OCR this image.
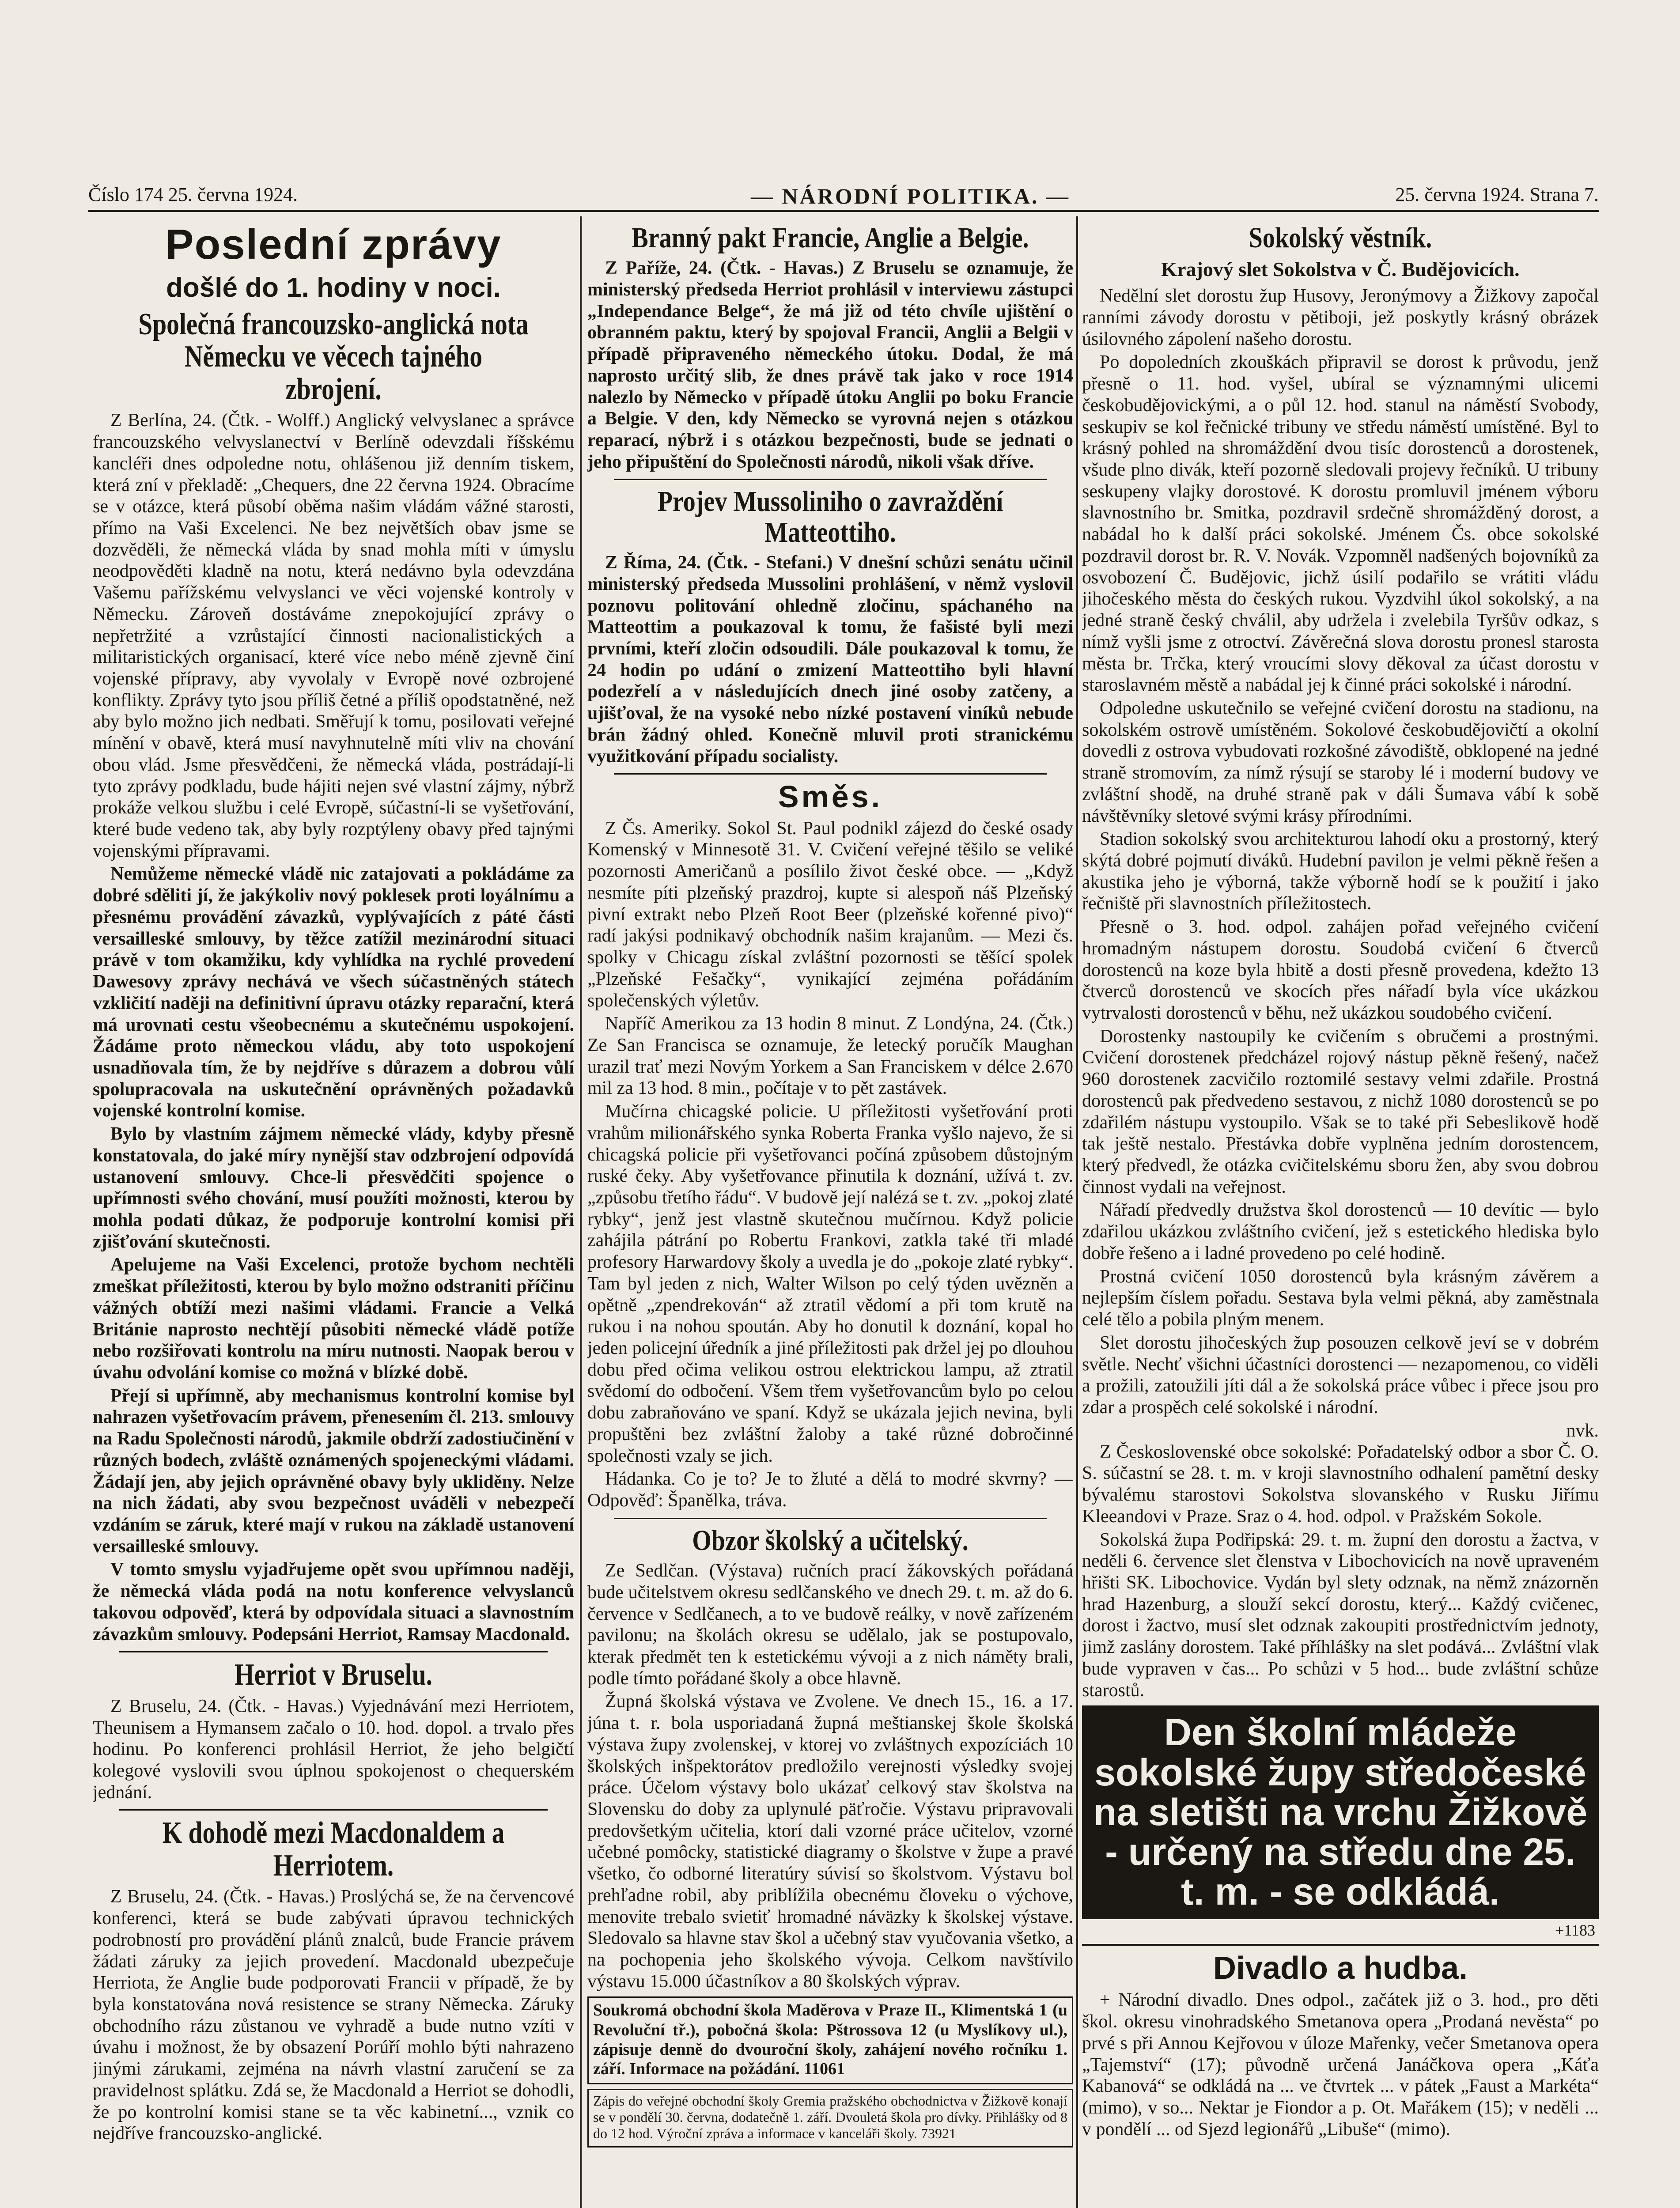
Číslo 174 25. června 1924.	— NÁRODNÍ POLITIKA. —	25. června 1924. Strana 7.
Poslední zprávy
došlé do 1. hodiny v noci.
Společná francouzsko-anglická nota Německu ve věcech tajného zbrojení.

Z Berlína, 24. (Čtk. - Wolff.) Anglický velvyslanec a správce francouzského velvyslanectví v Berlíně odevzdali říšskému kancléři dnes odpoledne notu, ohlášenou již denním tiskem, která zní v překladě: „Chequers, dne 22 června 1924. Obracíme se v otázce, která působí oběma našim vládám vážné starosti, přímo na Vaši Excelenci. Ne bez největších obav jsme se dozvěděli, že německá vláda by snad mohla míti v úmyslu neodpověděti kladně na notu, která nedávno byla odevzdána Vašemu pařížskému velvyslanci ve věci vojenské kontroly v Německu. Zároveň dostáváme znepokojující zprávy o nepřetržité a vzrůstající činnosti nacionalistických a militaristických organisací, které více nebo méně zjevně činí vojenské přípravy, aby vyvolaly v Evropě nové ozbrojené konflikty. Zprávy tyto jsou příliš četné a příliš opodstatněné, než aby bylo možno jich nedbati. Směřují k tomu, posilovati veřejné mínění v obavě, která musí navyhnutelně míti vliv na chování obou vlád. Jsme přesvědčeni, že německá vláda, postrádají-li tyto zprávy podkladu, bude hájiti nejen své vlastní zájmy, nýbrž prokáže velkou službu i celé Evropě, súčastní-li se vyšetřování, které bude vedeno tak, aby byly rozptýleny obavy před tajnými vojenskými přípravami.

Nemůžeme německé vládě nic zatajovati a pokládáme za dobré sděliti jí, že jakýkoliv nový poklesek proti loyálnímu a přesnému provádění závazků, vyplývajících z páté části versailleské smlouvy, by těžce zatížil mezinárodní situaci právě v tom okamžiku, kdy vyhlídka na rychlé provedení Dawesovy zprávy nechává ve všech súčastněných státech vzkličití naději na definitivní úpravu otázky reparační, která má urovnati cestu všeobecnému a skutečnému uspokojení. Žádáme proto německou vládu, aby toto uspokojení usnadňovala tím, že by nejdříve s důrazem a dobrou vůlí spolupracovala na uskutečnění oprávněných požadavků vojenské kontrolní komise.

Bylo by vlastním zájmem německé vlády, kdyby přesně konstatovala, do jaké míry nynější stav odzbrojení odpovídá ustanovení smlouvy. Chce-li přesvědčiti spojence o upřímnosti svého chování, musí použíti možnosti, kterou by mohla podati důkaz, že podporuje kontrolní komisi při zjišťování skutečnosti.

Apelujeme na Vaši Excelenci, protože bychom nechtěli zmeškat příležitosti, kterou by bylo možno odstraniti příčinu vážných obtíží mezi našimi vládami. Francie a Velká Británie naprosto nechtějí působiti německé vládě potíže nebo rozšiřovati kontrolu na míru nutnosti. Naopak berou v úvahu odvolání komise co možná v blízké době.

Přejí si upřímně, aby mechanismus kontrolní komise byl nahrazen vyšetřovacím právem, přenesením čl. 213. smlouvy na Radu Společnosti národů, jakmile obdrží zadostiučinění v různých bodech, zvláště oznámených spojeneckými vládami. Žádají jen, aby jejich oprávněné obavy byly ukliděny. Nelze na nich žádati, aby svou bezpečnost uváděli v nebezpečí vzdáním se záruk, které mají v rukou na základě ustanovení versailleské smlouvy.

V tomto smyslu vyjadřujeme opět svou upřímnou naději, že německá vláda podá na notu konference velvyslanců takovou odpověď, která by odpovídala situaci a slavnostním závazkům smlouvy. Podepsáni Herriot, Ramsay Macdonald.

Herriot v Bruselu.

Z Bruselu, 24. (Čtk. - Havas.) Vyjednávání mezi Herriotem, Theunisem a Hymansem začalo o 10. hod. dopol. a trvalo přes hodinu. Po konferenci prohlásil Herriot, že jeho belgičtí kolegové vyslovili svou úplnou spokojenost o chequerském jednání.

K dohodě mezi Macdonaldem a Herriotem.

Z Bruselu, 24. (Čtk. - Havas.) Proslýchá se, že na červencové konferenci, která se bude zabývati úpravou technických podrobností pro provádění plánů znalců, bude Francie právem žádati záruky za jejich provedení. Macdonald ubezpečuje Herriota, že Anglie bude podporovati Francii v případě, že by byla konstatována nová resistence se strany Německa. Záruky obchodního rázu zůstanou ve vyhradě a bude nutno vzíti v úvahu i možnost, že by obsazení Porúří mohlo býti nahrazeno jinými zárukami, zejména na návrh vlastní zaručení se za pravidelnost splátku. Zdá se, že Macdonald a Herriot se dohodli, že po kontrolní komisi stane se ta věc kabinetní..., vznik co nejdříve francouzsko-anglické.

Branný pakt Francie, Anglie a Belgie.

Z Paříže, 24. (Čtk. - Havas.) Z Bruselu se oznamuje, že ministerský předseda Herriot prohlásil v interviewu zástupci „Independance Belge“, že má již od této chvíle ujištění o obranném paktu, který by spojoval Francii, Anglii a Belgii v případě připraveného německého útoku. Dodal, že má naprosto určitý slib, že dnes právě tak jako v roce 1914 nalezlo by Německo v případě útoku Anglii po boku Francie a Belgie. V den, kdy Německo se vyrovná nejen s otázkou reparací, nýbrž i s otázkou bezpečnosti, bude se jednati o jeho připuštění do Společnosti národů, nikoli však dříve.

Projev Mussoliniho o zavraždění Matteottiho.

Z Říma, 24. (Čtk. - Stefani.) V dnešní schůzi senátu učinil ministerský předseda Mussolini prohlášení, v němž vyslovil poznovu politování ohledně zločinu, spáchaného na Matteottim a poukazoval k tomu, že fašisté byli mezi prvními, kteří zločin odsoudili. Dále poukazoval k tomu, že 24 hodin po udání o zmizení Matteottiho byli hlavní podezřelí a v následujících dnech jiné osoby zatčeny, a ujišťoval, že na vysoké nebo nízké postavení viníků nebude brán žádný ohled. Konečně mluvil proti stranickému využitkování případu socialisty.

Směs.

Z Čs. Ameriky. Sokol St. Paul podnikl zájezd do české osady Komenský v Minnesotě 31. V. Cvičení veřejné těšilo se veliké pozornosti Američanů a posílilo život české obce. — „Když nesmíte píti plzeňský prazdroj, kupte si alespoň náš Plzeňský pivní extrakt nebo Plzeň Root Beer (plzeňské kořenné pivo)“ radí jakýsi podnikavý obchodník našim krajanům. — Mezi čs. spolky v Chicagu získal zvláštní pozornosti se těšící spolek „Plzeňské Fešačky“, vynikající zejména pořádáním společenských výletův.

Napříč Amerikou za 13 hodin 8 minut. Z Londýna, 24. (Čtk.) Ze San Francisca se oznamuje, že letecký poručík Maughan urazil trať mezi Novým Yorkem a San Franciskem v délce 2.670 mil za 13 hod. 8 min., počítaje v to pět zastávek.

Mučírna chicagské policie. U příležitosti vyšetřování proti vrahům milionářského synka Roberta Franka vyšlo najevo, že si chicagská policie při vyšetřovanci počíná způsobem důstojným ruské čeky. Aby vyšetřovance přinutila k doznání, užívá t. zv. „způsobu třetího řádu“. V budově její nalézá se t. zv. „pokoj zlaté rybky“, jenž jest vlastně skutečnou mučírnou. Když policie zahájila pátrání po Robertu Frankovi, zatkla také tři mladé profesory Harwardovy školy a uvedla je do „pokoje zlaté rybky“. Tam byl jeden z nich, Walter Wilson po celý týden uvězněn a opětně „zpendrekován“ až ztratil vědomí a při tom krutě na rukou i na nohou spoután. Aby ho donutil k doznání, kopal ho jeden policejní úředník a jiné příležitosti pak držel jej po dlouhou dobu před očima velikou ostrou elektrickou lampu, až ztratil svědomí do odbočení. Všem třem vyšetřovancům bylo po celou dobu zabraňováno ve spaní. Když se ukázala jejich nevina, byli propuštěni bez zvláštní žaloby a také různé dobročinné společnosti vzaly se jich.

Hádanka. Co je to? Je to žluté a dělá to modré skvrny? — Odpověď: Španělka, tráva.

Obzor školský a učitelský.

Ze Sedlčan. (Výstava) ručních prací žákovských pořádaná bude učitelstvem okresu sedlčanského ve dnech 29. t. m. až do 6. července v Sedlčanech, a to ve budově reálky, v nově zařízeném pavilonu; na školách okresu se udělalo, jak se postupovalo, kterak předmět ten k estetickému vývoji a z nich náměty brali, podle tímto pořádané školy a obce hlavně.

Župná školská výstava ve Zvolene. Ve dnech 15., 16. a 17. júna t. r. bola usporiadaná župná meštianskej škole školská výstava župy zvolenskej, v ktorej vo zvláštnych expozíciách 10 školských inšpektorátov predložilo verejnosti výsledky svojej práce. Účelom výstavy bolo ukázať celkový stav školstva na Slovensku do doby za uplynulé päťročie. Výstavu pripravovali predovšetkým učitelia, ktorí dali vzorné práce učitelov, vzorné učebné pomôcky, statistické diagramy o školstve v župe a pravé všetko, čo odborné literatúry súvisí so školstvom. Výstavu bol prehľadne robil, aby priblížila obecnému človeku o výchove, menovite trebalo svietiť hromadné náväzky k školskej výstave. Sledovalo sa hlavne stav škol a učebný stav vyučovania všetko, a na pochopenia jeho školského vývoja. Celkom navštívilo výstavu 15.000 účastníkov a 80 školských výprav.

Soukromá obchodní škola Maděrova v Praze II., Klimentská 1 (u Revoluční tř.), pobočná škola: Pštrossova 12 (u Myslíkovy ul.), zápisuje denně do dvouroční školy, zahájení nového ročníku 1. září. Informace na požádání. 11061

Zápis do veřejné obchodní školy Gremia pražského obchodnictva v Žižkově konají se v pondělí 30. června, dodatečně 1. září. Dvouletá škola pro dívky. Přihlášky od 8 do 12 hod. Výroční zpráva a informace v kanceláři školy. 73921

Sokolský věstník.
Krajový slet Sokolstva v Č. Budějovicích.

Nedělní slet dorostu žup Husovy, Jeronýmovy a Žižkovy započal ranními závody dorostu v pětiboji, jež poskytly krásný obrázek úsilovného zápolení našeho dorostu.

Po dopoledních zkouškách připravil se dorost k průvodu, jenž přesně o 11. hod. vyšel, ubíral se významnými ulicemi českobudějovickými, a o půl 12. hod. stanul na náměstí Svobody, seskupiv se kol řečnické tribuny ve středu náměstí umístěné. Byl to krásný pohled na shromáždění dvou tisíc dorostenců a dorostenek, všude plno divák, kteří pozorně sledovali projevy řečníků. U tribuny seskupeny vlajky dorostové. K dorostu promluvil jménem výboru slavnostního br. Smitka, pozdravil srdečně shromážděný dorost, a nabádal ho k další práci sokolské. Jménem Čs. obce sokolské pozdravil dorost br. R. V. Novák. Vzpomněl nadšených bojovníků za osvobození Č. Budějovic, jichž úsilí podařilo se vrátiti vládu jihočeského města do českých rukou. Vyzdvihl úkol sokolský, a na jedné straně český chválil, aby udržela i zvelebila Tyršův odkaz, s nímž vyšli jsme z otroctví. Závěrečná slova dorostu pronesl starosta města br. Trčka, který vroucími slovy děkoval za účast dorostu v staroslavném městě a nabádal jej k činné práci sokolské i národní.

Odpoledne uskutečnilo se veřejné cvičení dorostu na stadionu, na sokolském ostrově umístěném. Sokolové českobudějovičtí a okolní dovedli z ostrova vybudovati rozkošné závodiště, obklopené na jedné straně stromovím, za nímž rýsují se staroby lé i moderní budovy ve zvláštní shodě, na druhé straně pak v dáli Šumava vábí k sobě návštěvníky sletové svými krásy přírodními.

Stadion sokolský svou architekturou lahodí oku a prostorný, který skýtá dobré pojmutí diváků. Hudební pavilon je velmi pěkně řešen a akustika jeho je výborná, takže výborně hodí se k použití i jako řečniště při slavnostních příležitostech.

Přesně o 3. hod. odpol. zahájen pořad veřejného cvičení hromadným nástupem dorostu. Soudobá cvičení 6 čtverců dorostenců na koze byla hbitě a dosti přesně provedena, kdežto 13 čtverců dorostenců ve skocích přes nářadí byla více ukázkou vytrvalosti dorostenců v běhu, než ukázkou soudobého cvičení.

Dorostenky nastoupily ke cvičením s obručemi a prostnými. Cvičení dorostenek předcházel rojový nástup pěkně řešený, načež 960 dorostenek zacvičilo roztomilé sestavy velmi zdařile. Prostná dorostenců pak předvedeno sestavou, z nichž 1080 dorostenců se po zdařilém nástupu vystoupilo. Však se to také při Sebeslikově hodě tak ještě nestalo. Přestávka dobře vyplněna jedním dorostencem, který předvedl, že otázka cvičitelskému sboru žen, aby svou dobrou činnost vydali na veřejnost.

Nářadí předvedly družstva škol dorostenců — 10 devític — bylo zdařilou ukázkou zvláštního cvičení, jež s estetického hlediska bylo dobře řešeno a i ladné provedeno po celé hodině.

Prostná cvičení 1050 dorostenců byla krásným závěrem a nejlepším číslem pořadu. Sestava byla velmi pěkná, aby zaměstnala celé tělo a pobila plným menem.

Slet dorostu jihočeských žup posouzen celkově jeví se v dobrém světle. Nechť všichni účastníci dorostenci — nezapomenou, co viděli a prožili, zatoužili jíti dál a že sokolská práce vůbec i přece jsou pro zdar a prospěch celé sokolské i národní.

nvk.

Z Československé obce sokolské: Pořadatelský odbor a sbor Č. O. S. súčastní se 28. t. m. v kroji slavnostního odhalení pamětní desky bývalému starostovi Sokolstva slovanského v Rusku Jiřímu Kleeandovi v Praze. Sraz o 4. hod. odpol. v Pražském Sokole.

Sokolská župa Podřipská: 29. t. m. župní den dorostu a žactva, v neděli 6. července slet členstva v Libochovicích na nově upraveném hřišti SK. Libochovice. Vydán byl slety odznak, na němž znázorněn hrad Hazenburg, a slouží sekcí dorostu, který... Každý cvičenec, dorost i žactvo, musí slet odznak zakoupiti prostřednictvím jednoty, jimž zaslány dorostem. Také příhlášky na slet podává... Zvláštní vlak bude vypraven v čas... Po schůzi v 5 hod... bude zvláštní schůze starostů.

Den školní mládeže sokolské župy středočeské na sletišti na vrchu Žižkově - určený na středu dne 25. t. m. - se odkládá.
+1183
Divadlo a hudba.

+ Národní divadlo. Dnes odpol., začátek již o 3. hod., pro děti škol. okresu vinohradského Smetanova opera „Prodaná nevěsta“ po prvé s při Annou Kejřovou v úloze Mařenky, večer Smetanova opera „Tajemství“ (17); původně určená Janáčkova opera „Káťa Kabanová“ se odkládá na ... ve čtvrtek ... v pátek „Faust a Markéta“ (mimo), v so... Nektar je Fiondor a p. Ot. Mařákem (15); v neděli ... v pondělí ... od Sjezd legionářů „Libuše“ (mimo).
